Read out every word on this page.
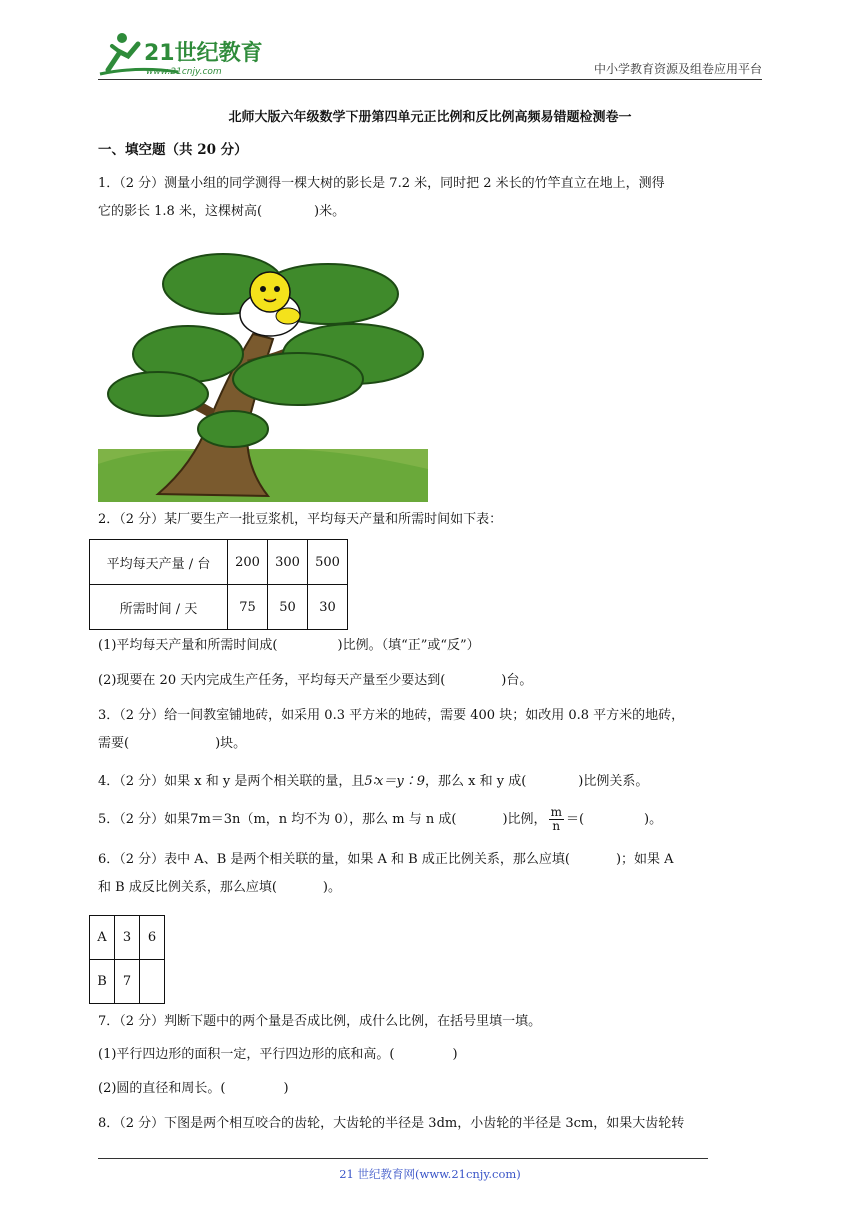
21世纪教育
www.21cnjy.com	中小学教育资源及组卷应用平台
北师大版六年级数学下册第四单元正比例和反比例高频易错题检测卷一
一、填空题（共 20 分）
1．（2 分）测量小组的同学测得一棵大树的影长是 7.2 米，同时把 2 米长的竹竿直立在地上，测得
它的影长 1.8 米，这棵树高(	)米。
2．（2 分）某厂要生产一批豆浆机，平均每天产量和所需时间如下表：
平均每天产量 / 台	200	300	500
所需时间 / 天	75	50	30
(1)平均每天产量和所需时间成(	)比例。（填“正”或“反”）
(2)现要在 20 天内完成生产任务，平均每天产量至少要达到(	)台。
3．（2 分）给一间教室铺地砖，如采用 0.3 平方米的地砖，需要 400 块；如改用 0.8 平方米的地砖，
需要(	)块。
4．（2 分）如果 x 和 y 是两个相关联的量，且5∶x＝y∶9，那么 x 和 y 成(	)比例关系。
5．（2 分）如果7m＝3n（m，n 均不为 0），那么 m 与 n 成(	)比例， $\frac{m}{n}$ ＝(	)。
6．（2 分）表中 A、B 是两个相关联的量，如果 A 和 B 成正比例关系，那么应填(	)；如果 A
和 B 成反比例关系，那么应填(	)。
A	3	6
B	7	
7．（2 分）判断下题中的两个量是否成比例，成什么比例，在括号里填一填。
(1)平行四边形的面积一定，平行四边形的底和高。(	)
(2)圆的直径和周长。(	)
8．（2 分）下图是两个相互咬合的齿轮，大齿轮的半径是 3dm，小齿轮的半径是 3cm，如果大齿轮转
21 世纪教育网(www.21cnjy.com)
